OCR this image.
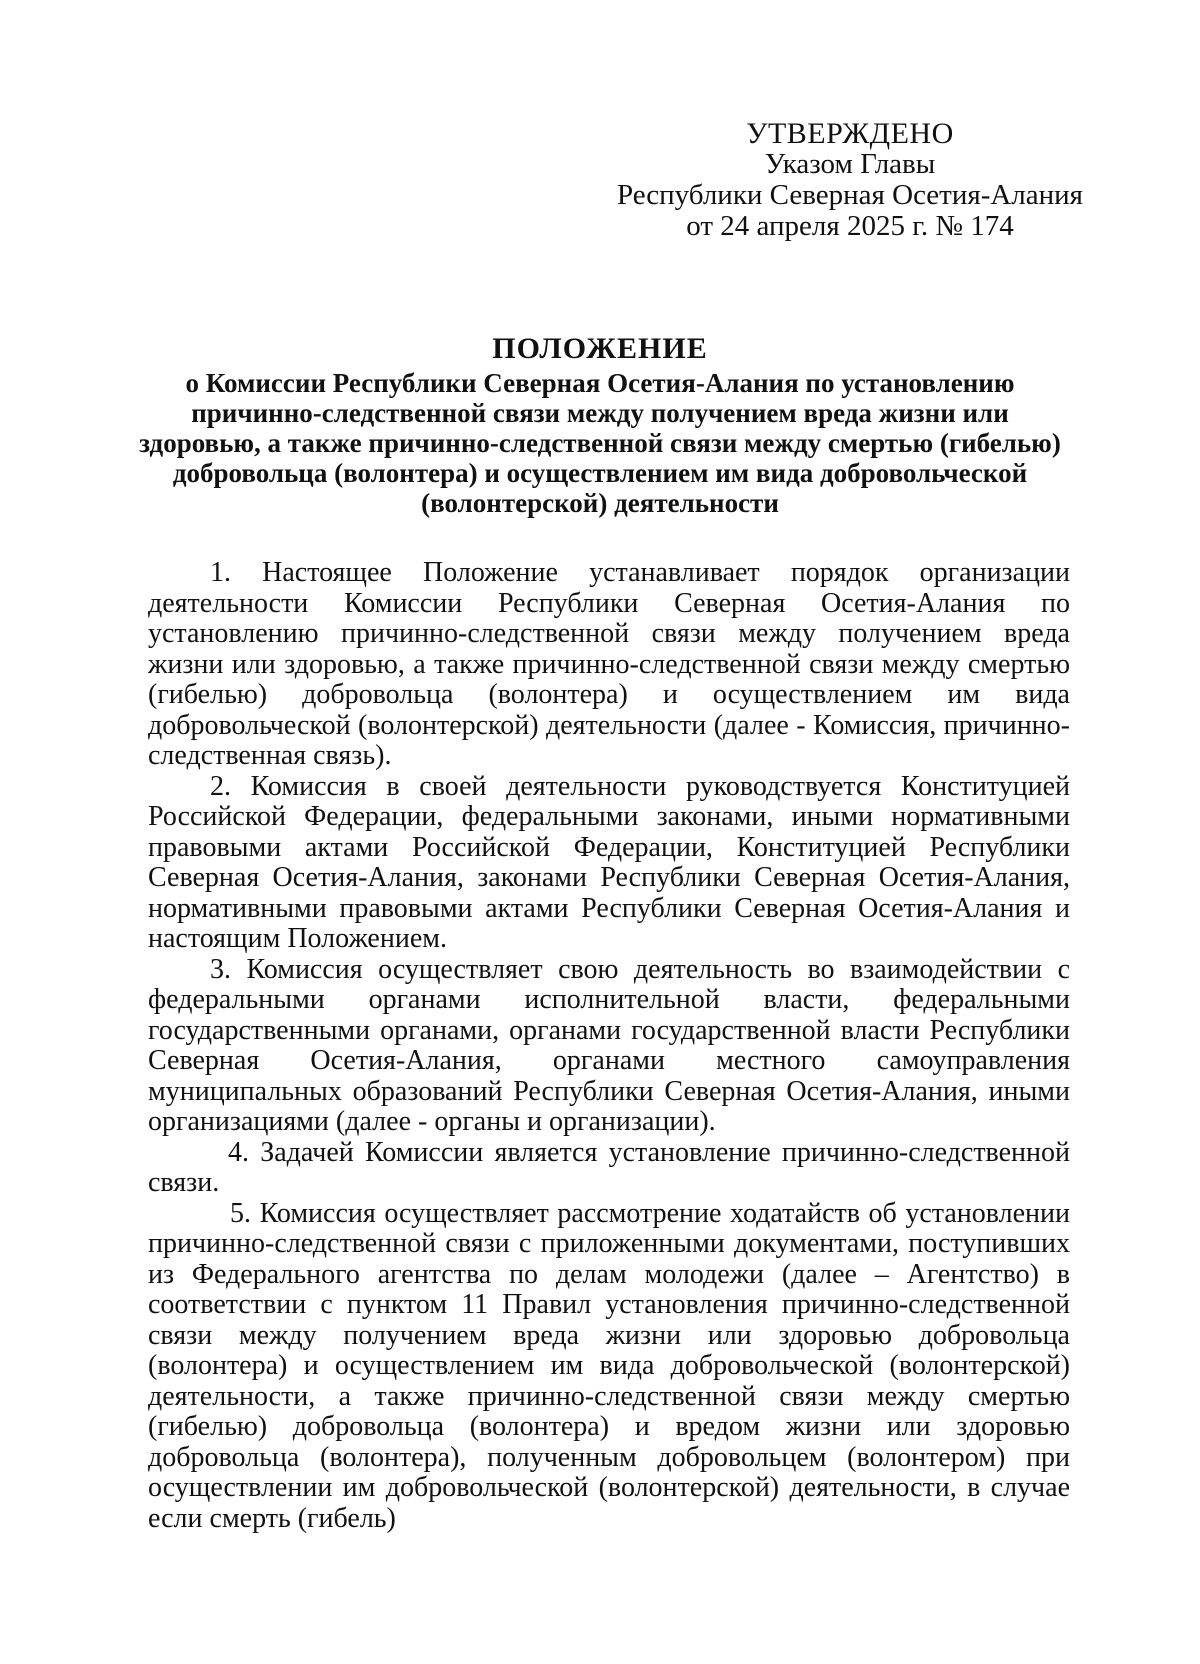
УТВЕРЖДЕНО
Указом Главы
Республики Северная Осетия-Алания
от 24 апреля 2025 г. № 174
ПОЛОЖЕНИЕ
о Комиссии Республики Северная Осетия-Алания по установлению причинно-следственной связи между получением вреда жизни или здоровью, а также причинно-следственной связи между смертью (гибелью) добровольца (волонтера) и осуществлением им вида добровольческой (волонтерской) деятельности

1. Настоящее Положение устанавливает порядок организации деятельности Комиссии Республики Северная Осетия-Алания по установлению причинно-следственной связи между получением вреда жизни или здоровью, а также причинно-следственной связи между смертью (гибелью) добровольца (волонтера) и осуществлением им вида добровольческой (волонтерской) деятельности (далее - Комиссия, причинно-следственная связь).

2. Комиссия в своей деятельности руководствуется Конституцией Российской Федерации, федеральными законами, иными нормативными правовыми актами Российской Федерации, Конституцией Республики Северная Осетия-Алания, законами Республики Северная Осетия-Алания, нормативными правовыми актами Республики Северная Осетия-Алания и настоящим Положением.

3. Комиссия осуществляет свою деятельность во взаимодействии с федеральными органами исполнительной власти, федеральными государственными органами, органами государственной власти Республики Северная Осетия-Алания, органами местного самоуправления муниципальных образований Республики Северная Осетия-Алания, иными организациями (далее - органы и организации).

4. Задачей Комиссии является установление причинно-следственной связи.

5. Комиссия осуществляет рассмотрение ходатайств об установлении причинно-следственной связи с приложенными документами, поступивших из Федерального агентства по делам молодежи (далее – Агентство) в соответствии с пунктом 11 Правил установления причинно-следственной связи между получением вреда жизни или здоровью добровольца (волонтера) и осуществлением им вида добровольческой (волонтерской) деятельности, а также причинно-следственной связи между смертью (гибелью) добровольца (волонтера) и вредом жизни или здоровью добровольца (волонтера), полученным добровольцем (волонтером) при осуществлении им добровольческой (волонтерской) деятельности, в случае если смерть (гибель)
